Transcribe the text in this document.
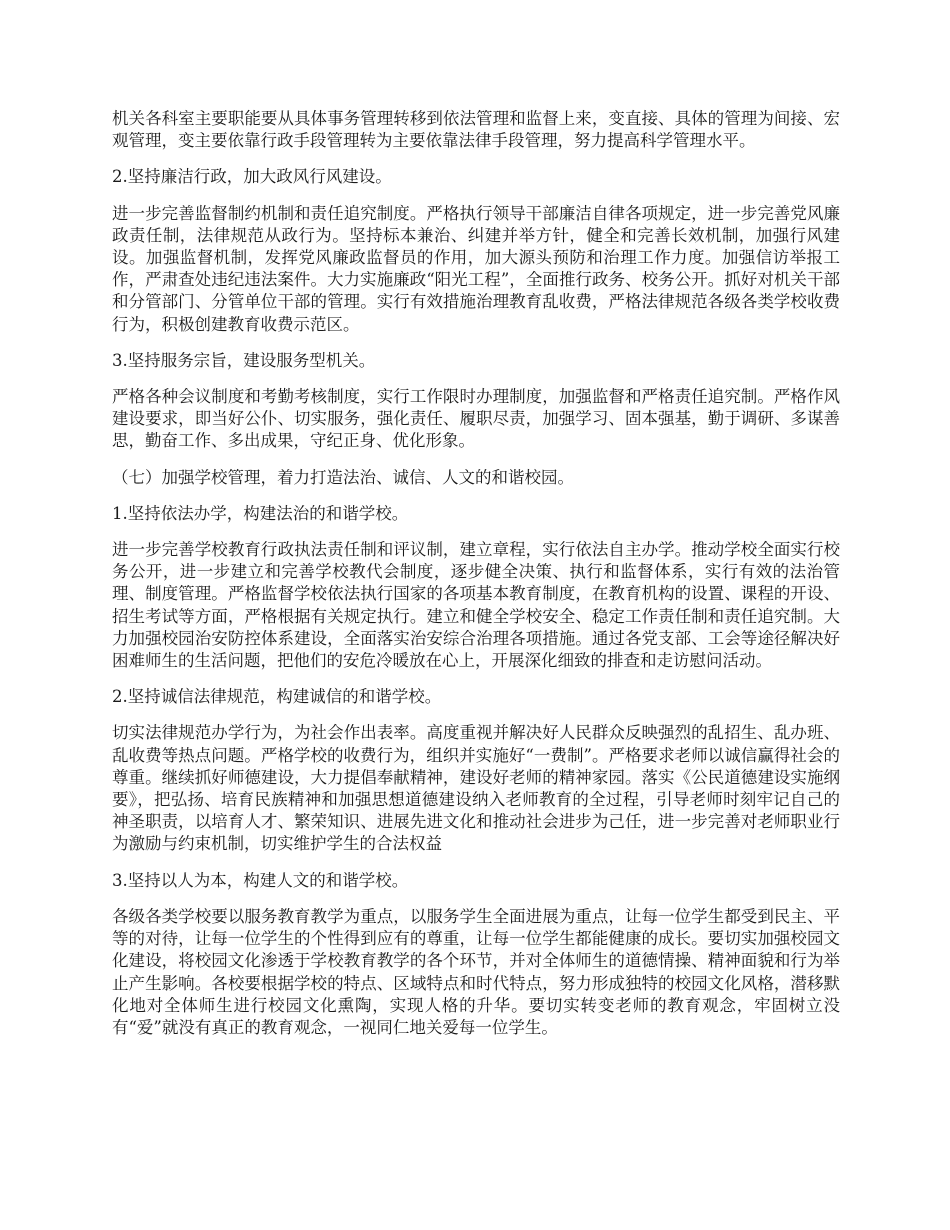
机关各科室主要职能要从具体事务管理转移到依法管理和监督上来，变直接、具体的管理为间接、宏观管理，变主要依靠行政手段管理转为主要依靠法律手段管理，努力提高科学管理水平。

2.坚持廉洁行政，加大政风行风建设。

进一步完善监督制约机制和责任追究制度。严格执行领导干部廉洁自律各项规定，进一步完善党风廉政责任制，法律规范从政行为。坚持标本兼治、纠建并举方针，健全和完善长效机制，加强行风建设。加强监督机制，发挥党风廉政监督员的作用，加大源头预防和治理工作力度。加强信访举报工作，严肃查处违纪违法案件。大力实施廉政“阳光工程”，全面推行政务、校务公开。抓好对机关干部和分管部门、分管单位干部的管理。实行有效措施治理教育乱收费，严格法律规范各级各类学校收费行为，积极创建教育收费示范区。

3.坚持服务宗旨，建设服务型机关。

严格各种会议制度和考勤考核制度，实行工作限时办理制度，加强监督和严格责任追究制。严格作风建设要求，即当好公仆、切实服务，强化责任、履职尽责，加强学习、固本强基，勤于调研、多谋善思，勤奋工作、多出成果，守纪正身、优化形象。

（七）加强学校管理，着力打造法治、诚信、人文的和谐校园。

1.坚持依法办学，构建法治的和谐学校。

进一步完善学校教育行政执法责任制和评议制，建立章程，实行依法自主办学。推动学校全面实行校务公开，进一步建立和完善学校教代会制度，逐步健全决策、执行和监督体系，实行有效的法治管理、制度管理。严格监督学校依法执行国家的各项基本教育制度，在教育机构的设置、课程的开设、招生考试等方面，严格根据有关规定执行。建立和健全学校安全、稳定工作责任制和责任追究制。大力加强校园治安防控体系建设，全面落实治安综合治理各项措施。通过各党支部、工会等途径解决好困难师生的生活问题，把他们的安危冷暖放在心上，开展深化细致的排查和走访慰问活动。

2.坚持诚信法律规范，构建诚信的和谐学校。

切实法律规范办学行为，为社会作出表率。高度重视并解决好人民群众反映强烈的乱招生、乱办班、乱收费等热点问题。严格学校的收费行为，组织并实施好“一费制”。严格要求老师以诚信赢得社会的尊重。继续抓好师德建设，大力提倡奉献精神，建设好老师的精神家园。落实《公民道德建设实施纲要》，把弘扬、培育民族精神和加强思想道德建设纳入老师教育的全过程，引导老师时刻牢记自己的神圣职责，以培育人才、繁荣知识、进展先进文化和推动社会进步为己任，进一步完善对老师职业行为激励与约束机制，切实维护学生的合法权益

3.坚持以人为本，构建人文的和谐学校。

各级各类学校要以服务教育教学为重点，以服务学生全面进展为重点，让每一位学生都受到民主、平等的对待，让每一位学生的个性得到应有的尊重，让每一位学生都能健康的成长。要切实加强校园文化建设，将校园文化渗透于学校教育教学的各个环节，并对全体师生的道德情操、精神面貌和行为举止产生影响。各校要根据学校的特点、区域特点和时代特点，努力形成独特的校园文化风格，潜移默化地对全体师生进行校园文化熏陶，实现人格的升华。要切实转变老师的教育观念，牢固树立没有“爱”就没有真正的教育观念，一视同仁地关爱每一位学生。
